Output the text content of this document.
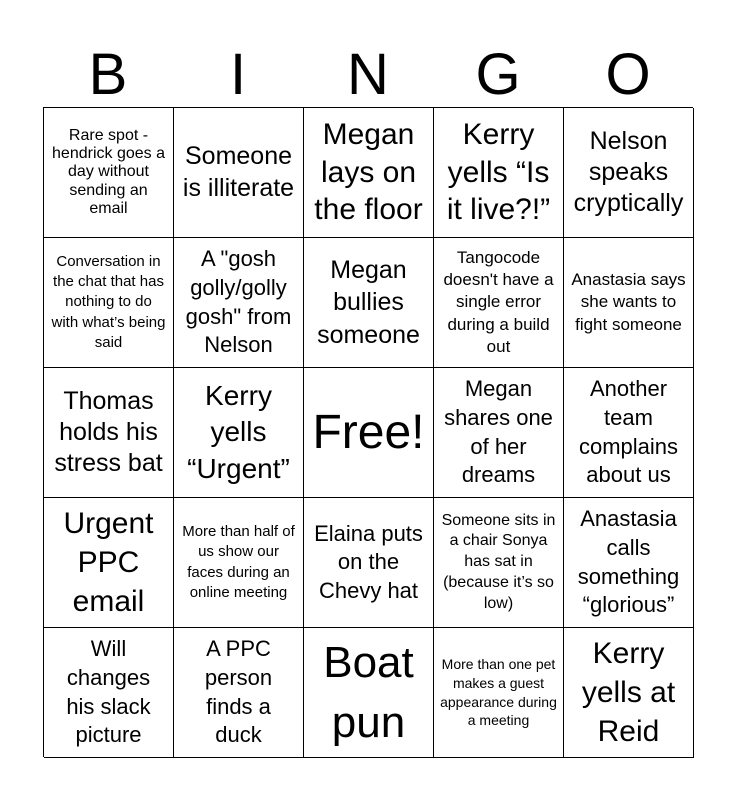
B	I	N	G	O
Rare spot - hendrick goes a day without sending an email
Someone is illiterate
Megan lays on the floor
Kerry yells “Is it live?!”
Nelson speaks cryptically
Conversation in the chat that has nothing to do with what’s being said
A "gosh golly/golly gosh" from Nelson
Megan bullies someone
Tangocode doesn't have a single error during a build out
Anastasia says she wants to fight someone
Thomas holds his stress bat
Kerry yells “Urgent”
Free!
Megan shares one of her dreams
Another team complains about us
Urgent PPC email
More than half of us show our faces during an online meeting
Elaina puts on the Chevy hat
Someone sits in a chair Sonya has sat in (because it’s so low)
Anastasia calls something “glorious”
Will changes his slack picture
A PPC person finds a duck
Boat pun
More than one pet makes a guest appearance during a meeting
Kerry yells at Reid
